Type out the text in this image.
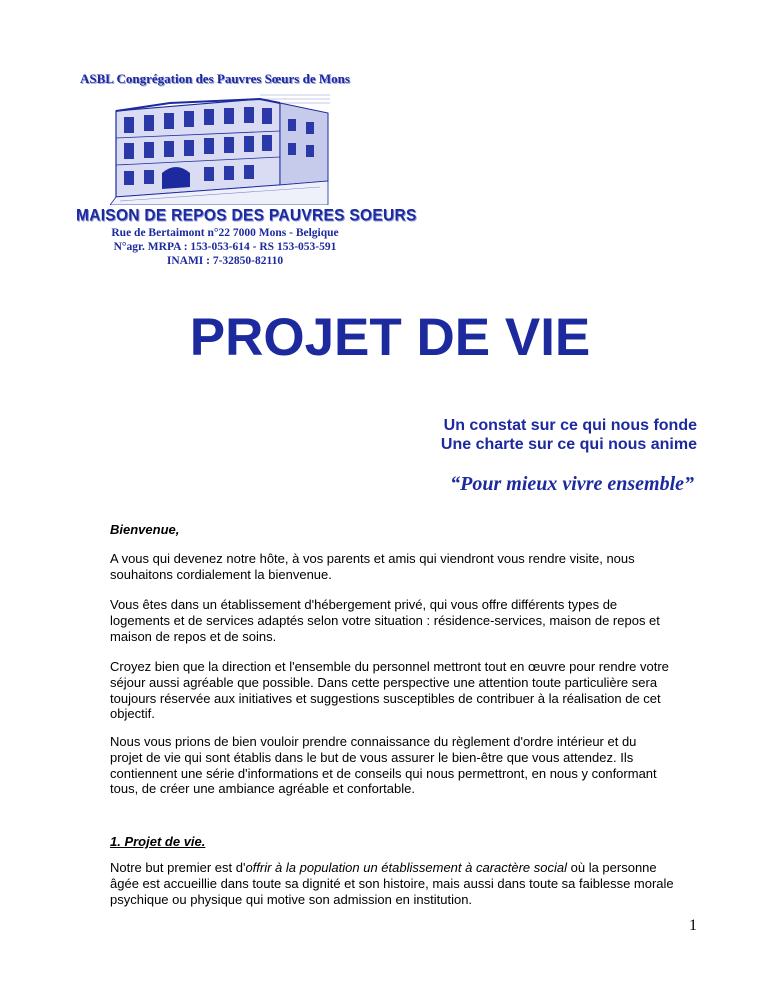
ASBL Congrégation des Pauvres Sœurs de Mons
MAISON DE REPOS DES PAUVRES SOEURS
Rue de Bertaimont n°22 7000 Mons - Belgique
N°agr. MRPA : 153-053-614 - RS 153-053-591
INAMI : 7-32850-82110
PROJET DE VIE
Un constat sur ce qui nous fonde
Une charte sur ce qui nous anime
“Pour mieux vivre ensemble”
Bienvenue,
A vous qui devenez notre hôte, à vos parents et amis qui viendront vous rendre visite, nous souhaitons cordialement la bienvenue.
Vous êtes dans un établissement d'hébergement privé, qui vous offre différents types de logements et de services adaptés selon votre situation : résidence-services, maison de repos et maison de repos et de soins.
Croyez bien que la direction et l'ensemble du personnel mettront tout en œuvre pour rendre votre séjour aussi agréable que possible. Dans cette perspective une attention toute particulière sera toujours réservée aux initiatives et suggestions susceptibles de contribuer à la réalisation de cet objectif.
Nous vous prions de bien vouloir prendre connaissance du règlement d'ordre intérieur et du projet de vie qui sont établis dans le but de vous assurer le bien-être que vous attendez. Ils contiennent une série d'informations et de conseils qui nous permettront, en nous y conformant tous, de créer une ambiance agréable et confortable.
1. Projet de vie.
Notre but premier est d'offrir à la population un établissement à caractère social où la personne âgée est accueillie dans toute sa dignité et son histoire, mais aussi dans toute sa faiblesse morale psychique ou physique qui motive son admission en institution.
1
